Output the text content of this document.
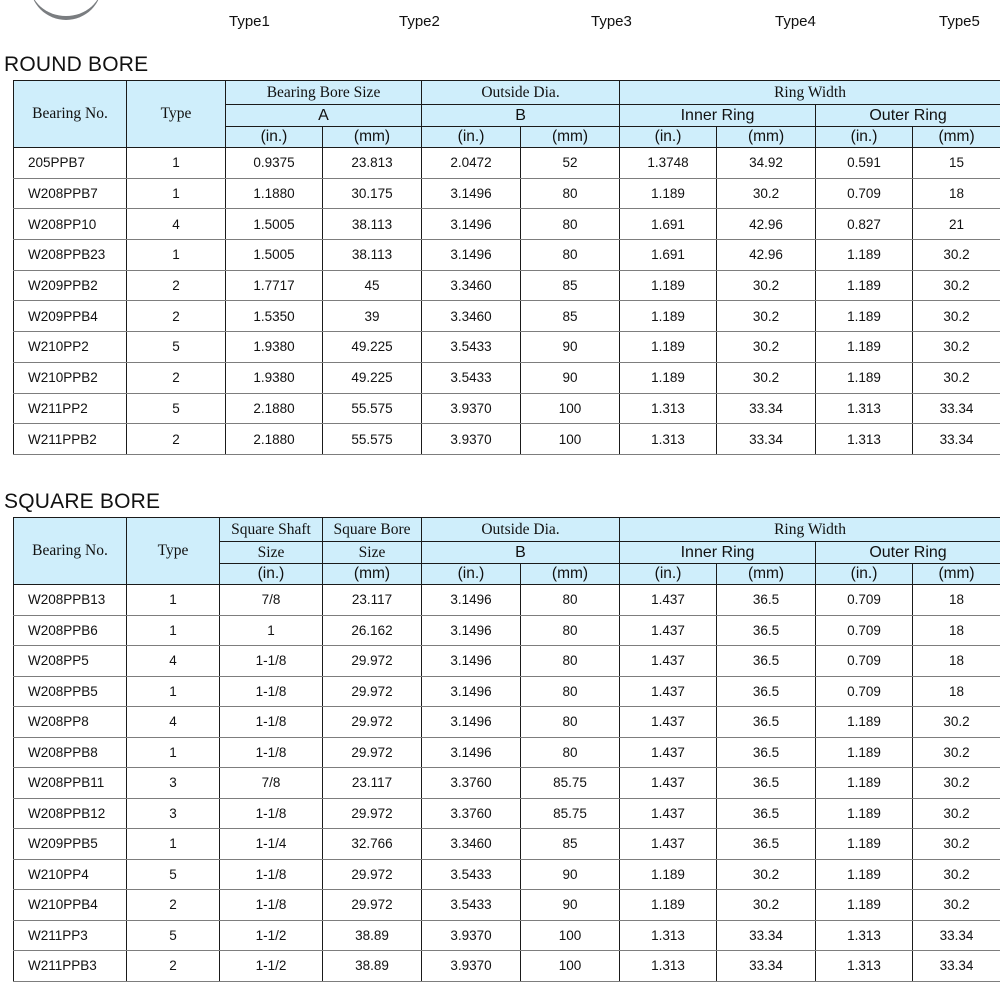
Type1	Type2	Type3	Type4	Type5
ROUND BORE
Bearing No.	Type	Bearing Bore Size		Outside Dia.		Ring Width			
		A		B		Inner Ring		Outer Ring	
		(in.)	(mm)	(in.)	(mm)	(in.)	(mm)	(in.)	(mm)
205PPB7	1	0.9375	23.813	2.0472	52	1.3748	34.92	0.591	15
W208PPB7	1	1.1880	30.175	3.1496	80	1.189	30.2	0.709	18
W208PP10	4	1.5005	38.113	3.1496	80	1.691	42.96	0.827	21
W208PPB23	1	1.5005	38.113	3.1496	80	1.691	42.96	1.189	30.2
W209PPB2	2	1.7717	45	3.3460	85	1.189	30.2	1.189	30.2
W209PPB4	2	1.5350	39	3.3460	85	1.189	30.2	1.189	30.2
W210PP2	5	1.9380	49.225	3.5433	90	1.189	30.2	1.189	30.2
W210PPB2	2	1.9380	49.225	3.5433	90	1.189	30.2	1.189	30.2
W211PP2	5	2.1880	55.575	3.9370	100	1.313	33.34	1.313	33.34
W211PPB2	2	2.1880	55.575	3.9370	100	1.313	33.34	1.313	33.34
SQUARE BORE
Bearing No.	Type	Square Shaft	Square Bore	Outside Dia.		Ring Width			
		Size	Size	B		Inner Ring		Outer Ring	
		(in.)	(mm)	(in.)	(mm)	(in.)	(mm)	(in.)	(mm)
W208PPB13	1	7/8	23.117	3.1496	80	1.437	36.5	0.709	18
W208PPB6	1	1	26.162	3.1496	80	1.437	36.5	0.709	18
W208PP5	4	1-1/8	29.972	3.1496	80	1.437	36.5	0.709	18
W208PPB5	1	1-1/8	29.972	3.1496	80	1.437	36.5	0.709	18
W208PP8	4	1-1/8	29.972	3.1496	80	1.437	36.5	1.189	30.2
W208PPB8	1	1-1/8	29.972	3.1496	80	1.437	36.5	1.189	30.2
W208PPB11	3	7/8	23.117	3.3760	85.75	1.437	36.5	1.189	30.2
W208PPB12	3	1-1/8	29.972	3.3760	85.75	1.437	36.5	1.189	30.2
W209PPB5	1	1-1/4	32.766	3.3460	85	1.437	36.5	1.189	30.2
W210PP4	5	1-1/8	29.972	3.5433	90	1.189	30.2	1.189	30.2
W210PPB4	2	1-1/8	29.972	3.5433	90	1.189	30.2	1.189	30.2
W211PP3	5	1-1/2	38.89	3.9370	100	1.313	33.34	1.313	33.34
W211PPB3	2	1-1/2	38.89	3.9370	100	1.313	33.34	1.313	33.34
